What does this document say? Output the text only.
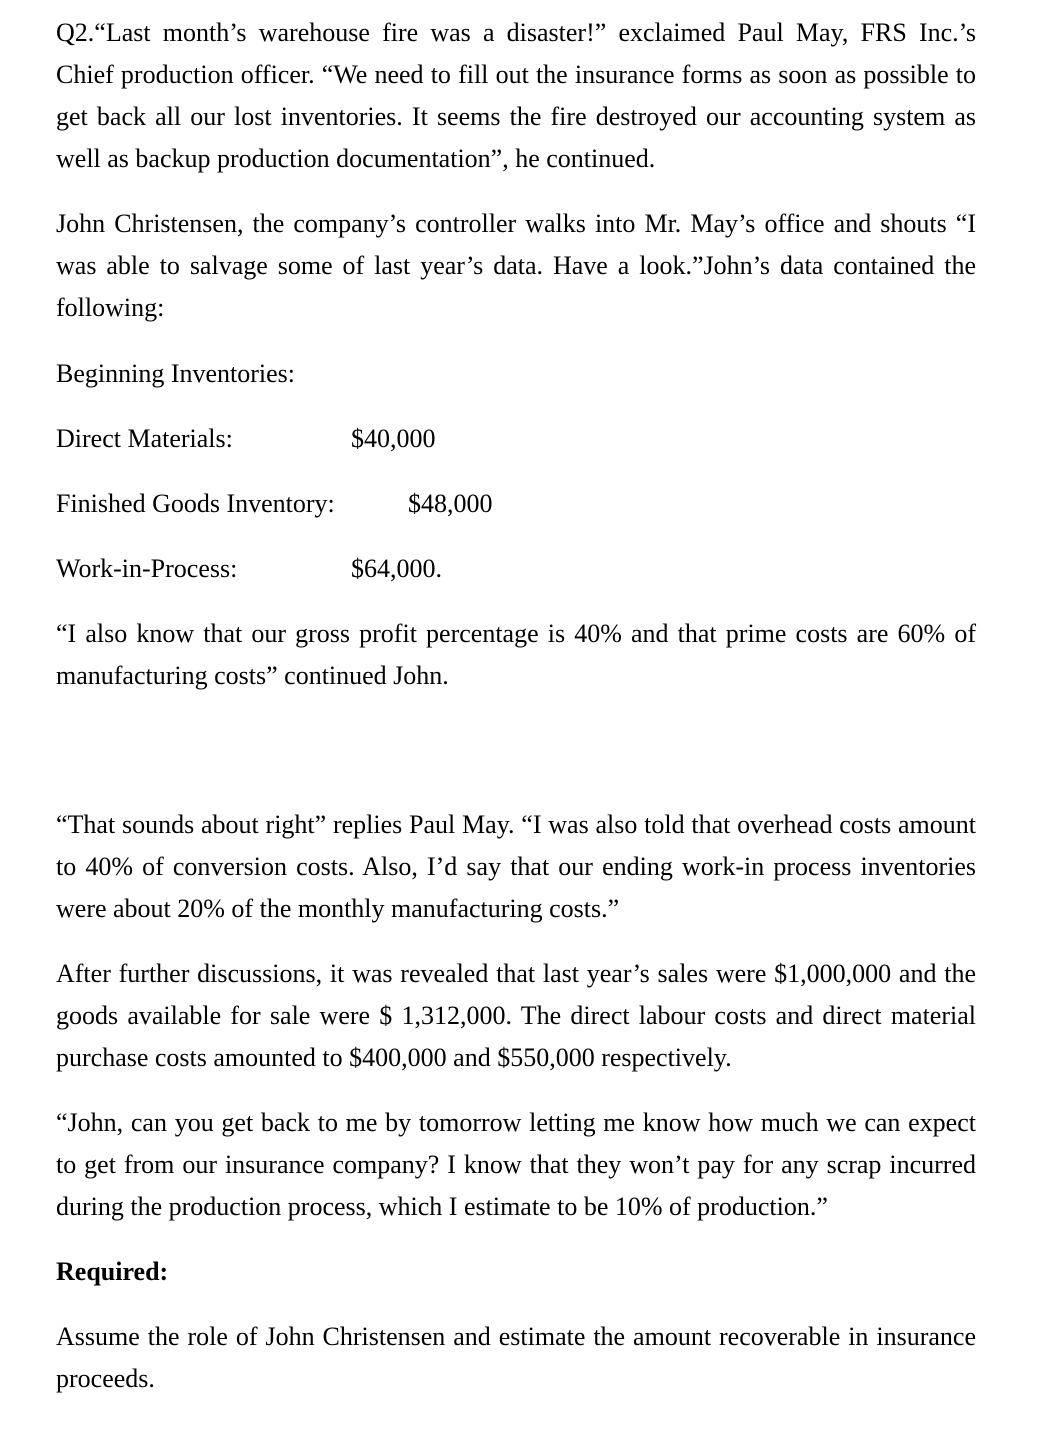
Q2.“Last month’s warehouse fire was a disaster!” exclaimed Paul May, FRS Inc.’s Chief production officer. “We need to fill out the insurance forms as soon as possible to get back all our lost inventories. It seems the fire destroyed our accounting system as well as backup production documentation”, he continued.

John Christensen, the company’s controller walks into Mr. May’s office and shouts “I was able to salvage some of last year’s data. Have a look.”John’s data contained the following:

Beginning Inventories:

Direct Materials:	$40,000
Finished Goods Inventory:	$48,000
Work-in-Process:	$64,000.

“I also know that our gross profit percentage is 40% and that prime costs are 60% of manufacturing costs” continued John.

“That sounds about right” replies Paul May. “I was also told that overhead costs amount to 40% of conversion costs. Also, I’d say that our ending work-in process inventories were about 20% of the monthly manufacturing costs.”

After further discussions, it was revealed that last year’s sales were $1,000,000 and the goods available for sale were $ 1,312,000. The direct labour costs and direct material purchase costs amounted to $400,000 and $550,000 respectively.

“John, can you get back to me by tomorrow letting me know how much we can expect to get from our insurance company? I know that they won’t pay for any scrap incurred during the production process, which I estimate to be 10% of production.”

Required:

Assume the role of John Christensen and estimate the amount recoverable in insurance proceeds.
